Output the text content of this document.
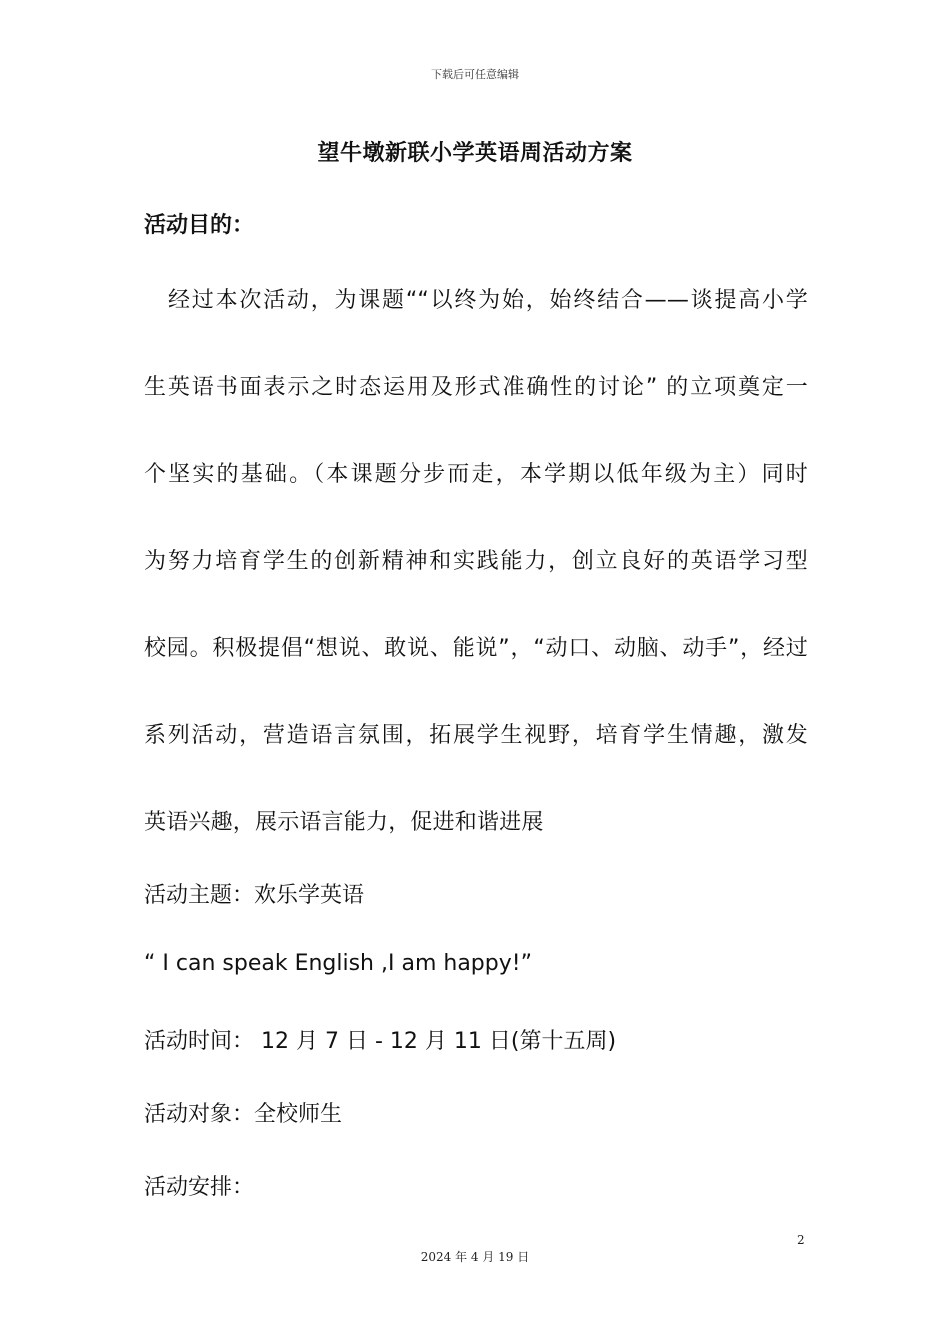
下载后可任意编辑
望牛墩新联小学英语周活动方案
活动目的：
经过本次活动，为课题““以终为始，始终结合——谈提高小学
生英语书面表示之时态运用及形式准确性的讨论” 的立项奠定一
个坚实的基础。（本课题分步而走，本学期以低年级为主）同时
为努力培育学生的创新精神和实践能力，创立良好的英语学习型
校园。积极提倡“想说、敢说、能说”，“动口、动脑、动手”，经过
系列活动，营造语言氛围，拓展学生视野，培育学生情趣，激发
英语兴趣，展示语言能力，促进和谐进展
活动主题：欢乐学英语
“ I can speak English ,I am happy!”
活动时间： 12 月 7 日 - 12 月 11 日(第十五周)
活动对象：全校师生
活动安排：
2
2024 年 4 月 19 日
